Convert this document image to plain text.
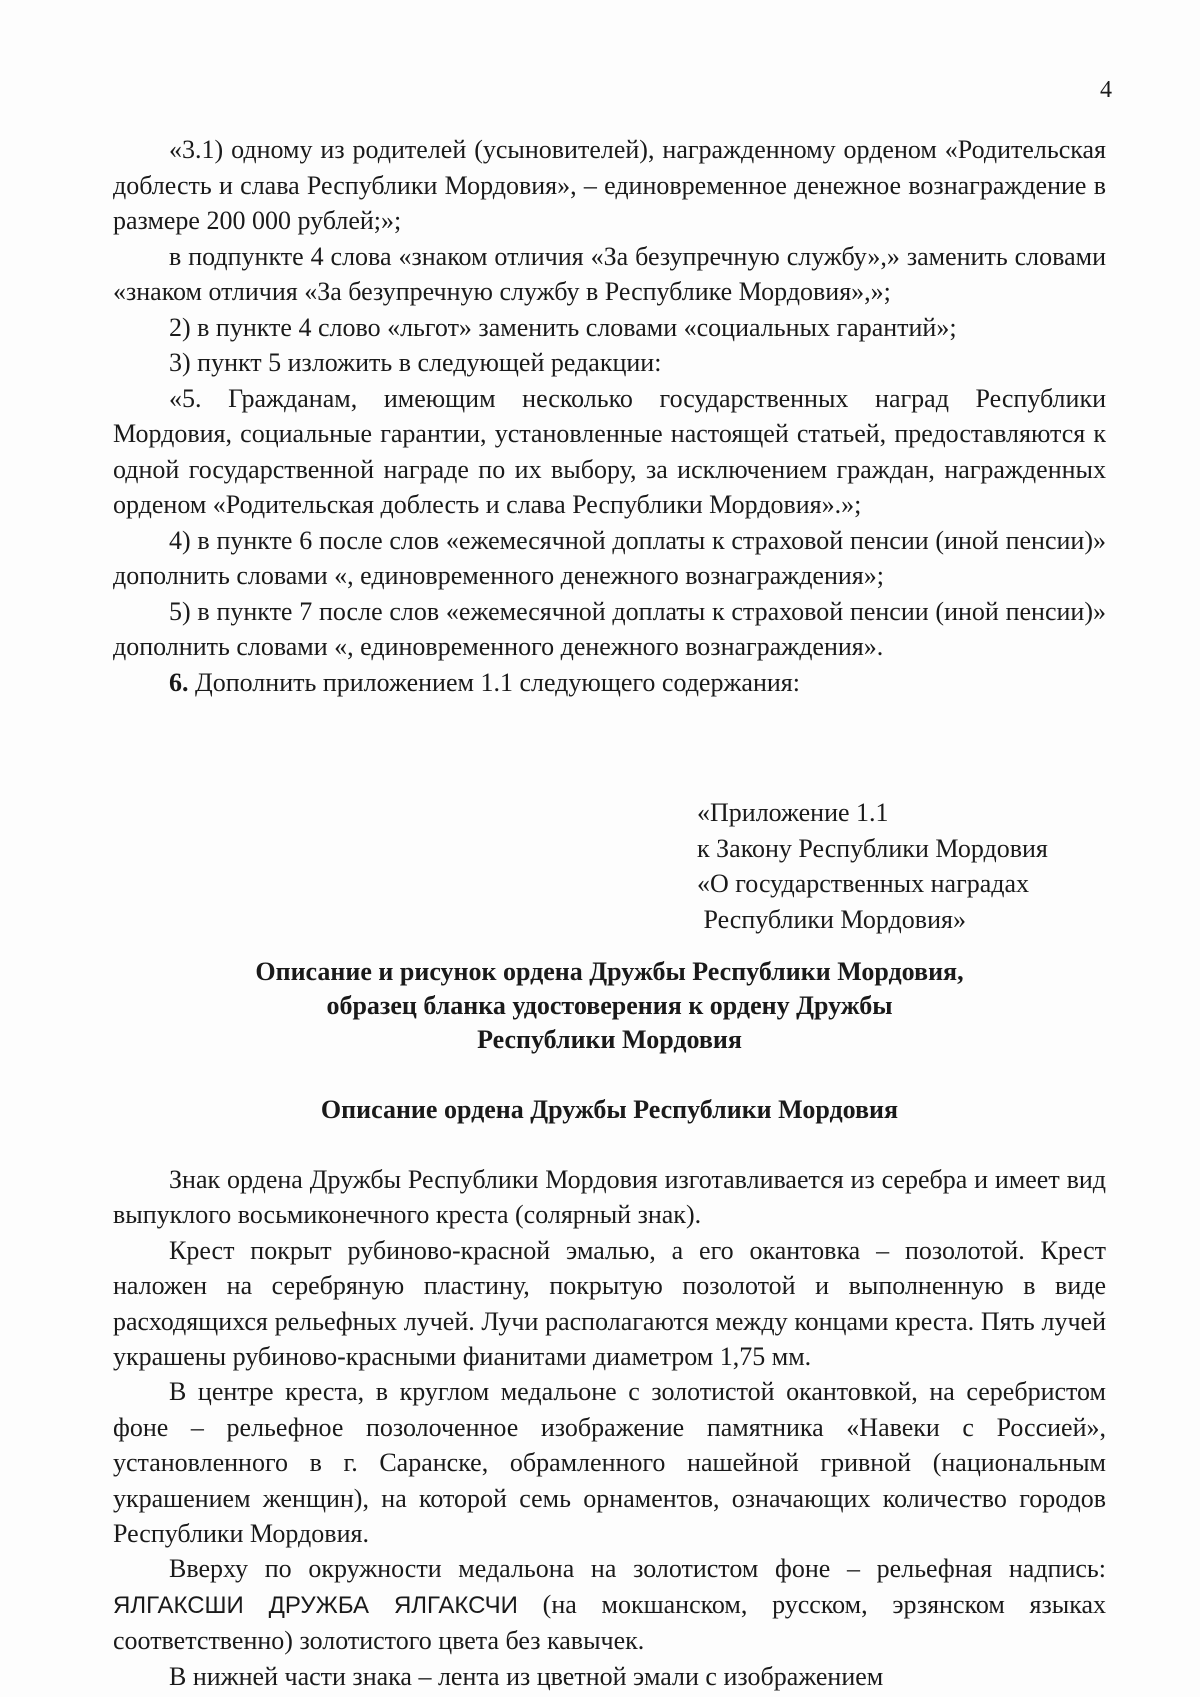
4

«3.1) одному из родителей (усыновителей), награжденному орденом «Родительская доблесть и слава Республики Мордовия», – единовременное денежное вознаграждение в размере 200 000 рублей;»;

в подпункте 4 слова «знаком отличия «За безупречную службу»,» заменить словами «знаком отличия «За безупречную службу в Республике Мордовия»,»;

2) в пункте 4 слово «льгот» заменить словами «социальных гарантий»;

3) пункт 5 изложить в следующей редакции:

«5. Гражданам, имеющим несколько государственных наград Республики Мордовия, социальные гарантии, установленные настоящей статьей, предоставляются к одной государственной награде по их выбору, за исключением граждан, награжденных орденом «Родительская доблесть и слава Республики Мордовия».»;

4) в пункте 6 после слов «ежемесячной доплаты к страховой пенсии (иной пенсии)» дополнить словами «, единовременного денежного вознаграждения»;

5) в пункте 7 после слов «ежемесячной доплаты к страховой пенсии (иной пенсии)» дополнить словами «, единовременного денежного вознаграждения».

6. Дополнить приложением 1.1 следующего содержания:

«Приложение 1.1
к Закону Республики Мордовия
«О государственных наградах
Республики Мордовия»
Описание и рисунок ордена Дружбы Республики Мордовия,
образец бланка удостоверения к ордену Дружбы
Республики Мордовия
Описание ордена Дружбы Республики Мордовия

Знак ордена Дружбы Республики Мордовия изготавливается из серебра и имеет вид выпуклого восьмиконечного креста (солярный знак).

Крест покрыт рубиново-красной эмалью, а его окантовка – позолотой. Крест наложен на серебряную пластину, покрытую позолотой и выполненную в виде расходящихся рельефных лучей. Лучи располагаются между концами креста. Пять лучей украшены рубиново-красными фианитами диаметром 1,75 мм.

В центре креста, в круглом медальоне с золотистой окантовкой, на серебристом фоне – рельефное позолоченное изображение памятника «Навеки с Россией», установленного в г. Саранске, обрамленного нашейной гривной (национальным украшением женщин), на которой семь орнаментов, означающих количество городов Республики Мордовия.

Вверху по окружности медальона на золотистом фоне – рельефная надпись: ЯЛГАКСШИ ДРУЖБА ЯЛГАКСЧИ (на мокшанском, русском, эрзянском языках соответственно) золотистого цвета без кавычек.

В нижней части знака – лента из цветной эмали с изображением
